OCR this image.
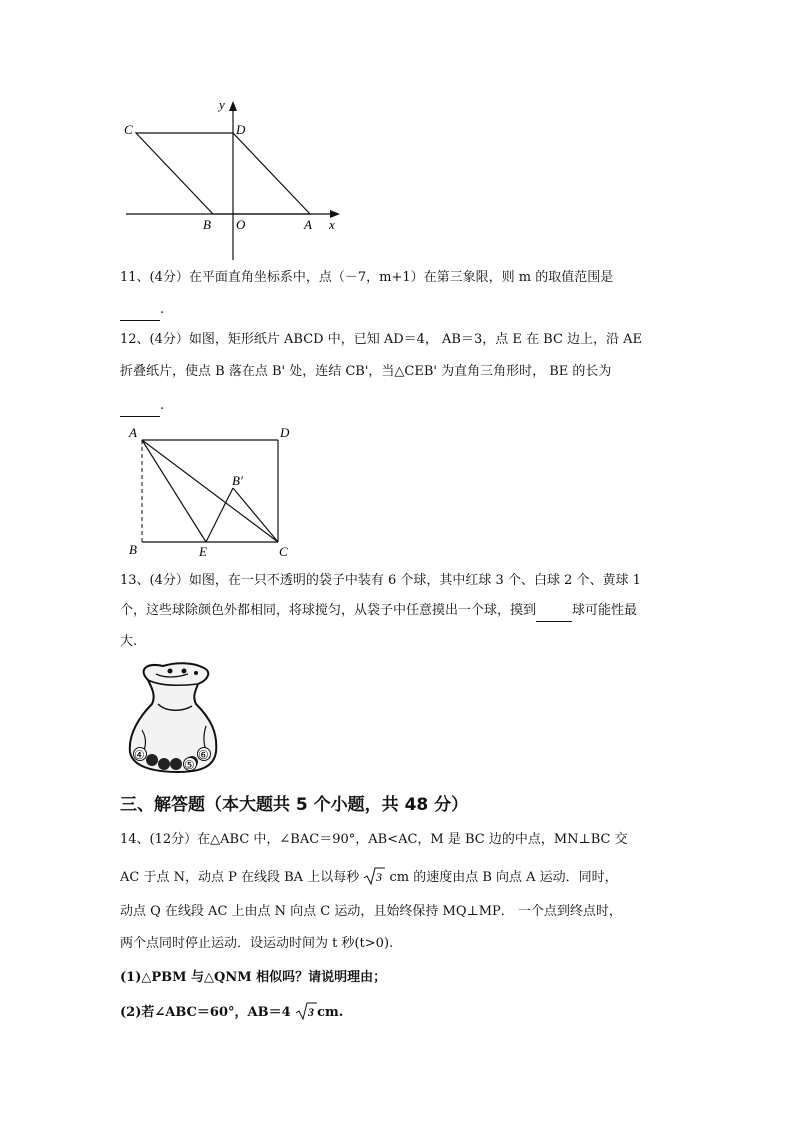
y
C	D
B O	A x
11、(4分）在平面直角坐标系中，点（－7，m+1）在第三象限，则 m 的取值范围是
.
12、(4分）如图，矩形纸片 ABCD 中，已知 AD＝4， AB＝3，点 E 在 BC 边上，沿 AE
折叠纸片，使点 B 落在点 B' 处，连结 CB'，当△CEB' 为直角三角形时， BE 的长为
.
A	D
B'
B	E	C
13、(4分）如图，在一只不透明的袋子中装有 6 个球，其中红球 3 个、白球 2 个、黄球 1
个，这些球除颜色外都相同，将球搅匀，从袋子中任意摸出一个球，摸到	球可能性最
大.
④
⑤
⑥
三、解答题（本大题共 5 个小题，共 48 分）
14、(12分）在△ABC 中，∠BAC＝90°，AB<AC，M 是 BC 边的中点，MN⊥BC 交
AC 于点 N，动点 P 在线段 BA 上以每秒 3 cm 的速度由点 B 向点 A 运动．同时，
动点 Q 在线段 AC 上由点 N 向点 C 运动，且始终保持 MQ⊥MP． 一个点到终点时，
两个点同时停止运动．设运动时间为 t 秒(t>0).
(1)△PBM 与△QNM 相似吗？请说明理由；
(2)若∠ABC＝60°，AB＝4 3 cm.
